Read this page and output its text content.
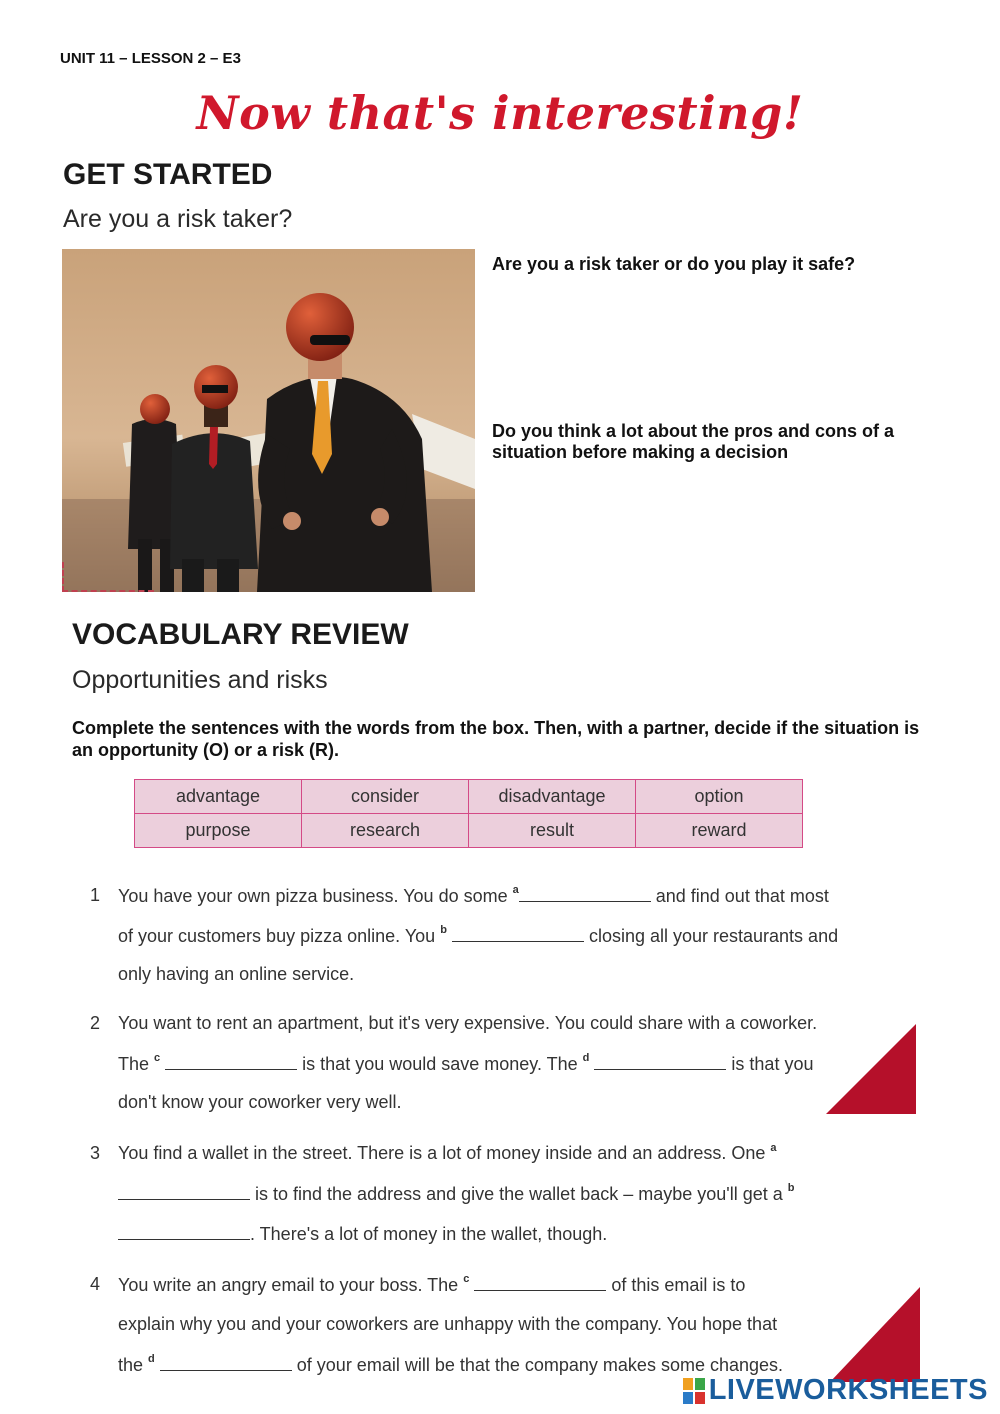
UNIT 11 – LESSON 2 – E3
Now that's interesting!
GET STARTED
Are you a risk taker?
Are you a risk taker or do you play it safe?
Do you think a lot about the pros and cons of a situation before making a decision
VOCABULARY REVIEW
Opportunities and risks
Complete the sentences with the words from the box. Then, with a partner, decide if the situation is an opportunity (O) or a risk (R).
advantage	consider	disadvantage	option
purpose	research	result	reward
1 You have your own pizza business. You do some $^a$	and find out that most
of your customers buy pizza online. You $^b$	closing all your restaurants and
only having an online service.
2 You want to rent an apartment, but it's very expensive. You could share with a coworker.
The $^c$	is that you would save money. The $^d$	is that you
don't know your coworker very well.
3 You find a wallet in the street. There is a lot of money inside and an address. One $^a$
is to find the address and give the wallet back – maybe you'll get a $^b$
. There's a lot of money in the wallet, though.
4 You write an angry email to your boss. The $^c$	of this email is to
explain why you and your coworkers are unhappy with the company. You hope that
the $^d$	of your email will be that the company makes some changes.
LIVEWORKSHEETS
